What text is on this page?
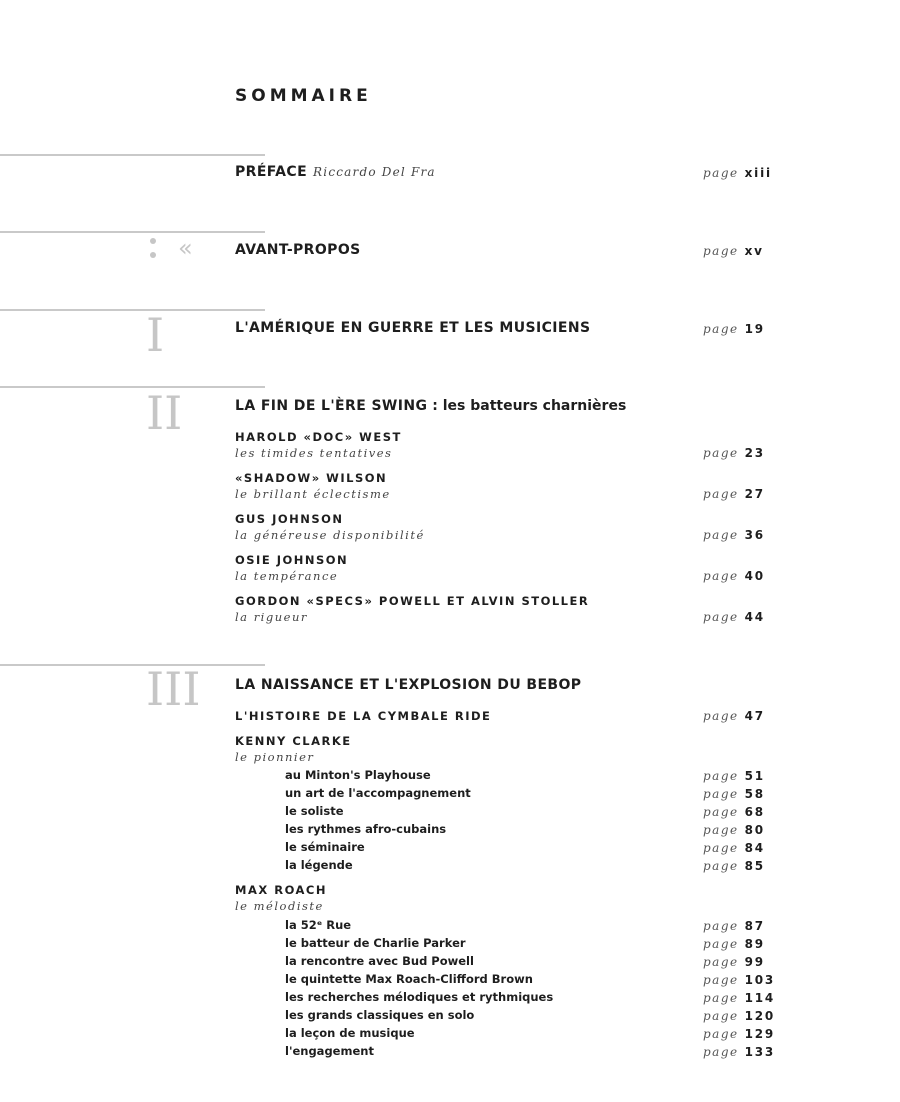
SOMMAIRE
PRÉFACE Riccardo Del Fra	page xiii
«	AVANT-PROPOS	page xv
I	L'AMÉRIQUE EN GUERRE ET LES MUSICIENS	page 19
II	LA FIN DE L'ÈRE SWING : les batteurs charnières
HAROLD «DOC» WEST
les timides tentatives	page 23
«SHADOW» WILSON
le brillant éclectisme	page 27
GUS JOHNSON
la généreuse disponibilité	page 36
OSIE JOHNSON
la tempérance	page 40
GORDON «SPECS» POWELL ET ALVIN STOLLER
la rigueur	page 44
III LA NAISSANCE ET L'EXPLOSION DU BEBOP
L'HISTOIRE DE LA CYMBALE RIDE	page 47
KENNY CLARKE
le pionnier
au Minton's Playhouse	page 51
un art de l'accompagnement	page 58
le soliste	page 68
les rythmes afro-cubains	page 80
le séminaire	page 84
la légende	page 85
MAX ROACH
le mélodiste
la 52ᵉ Rue	page 87
le batteur de Charlie Parker	page 89
la rencontre avec Bud Powell	page 99
le quintette Max Roach-Clifford Brown	page 103
les recherches mélodiques et rythmiques	page 114
les grands classiques en solo	page 120
la leçon de musique	page 129
l'engagement	page 133
